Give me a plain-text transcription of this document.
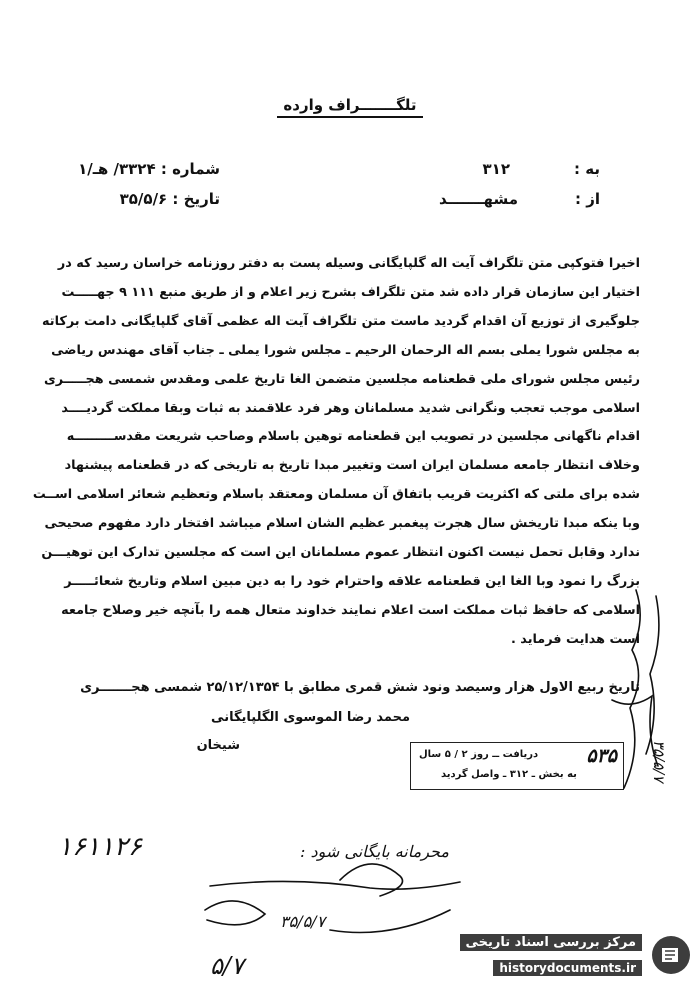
تلگـــــــراف وارده
به :
۳۱۲
از :
مشهـــــــد
شماره : ۳۳۲۴/ هـ/۱
تاریخ : ۳۵/۵/۶
اخیرا فتوکپی متن تلگراف آیت اله گلپایگانی وسیله پست به دفتر روزنامه خراسان رسید که در
اختیار این سازمان قرار داده شد متن تلگراف بشرح زیر اعلام و از طریق منبع ۱۱۱ ۹ جهـــــت
جلوگیری از توزیع آن اقدام گردید ماست متن تلگراف آیت اله عظمی آقای گلپایگانی دامت برکاته
به مجلس شورا یملی بسم اله الرحمان الرحیم ـ مجلس شورا یملی ـ جناب آقای مهندس ریاضی
رئیس مجلس شورای ملی قطعنامه مجلسین متضمن الغا تاریخ علمی ومقدس شمسی هجـــــری
اسلامی موجب تعجب ونگرانی شدید مسلمانان وهر فرد علاقمند به ثبات وبقا مملکت گردیــــد
اقدام ناگهانی مجلسین در تصویب این قطعنامه توهین باسلام وصاحب شریعت مقدســـــــــه
وخلاف انتظار جامعه مسلمان ایران است وتغییر مبدا تاریخ به تاریخی که در قطعنامه پیشنهاد
شده برای ملتی که اکثریت قریب باتفاق آن مسلمان ومعتقد باسلام وتعظیم شعائر اسلامی اســت
وبا ینکه مبدا تاریخش سال هجرت پیغمبر عظیم الشان اسلام میباشد افتخار دارد مفهوم صحیحی
ندارد وقابل تحمل نیست اکنون انتظار عموم مسلمانان این است که مجلسین تدارک این توهیـــن
بزرگ را نمود وبا الغا این قطعنامه علاقه واحترام خود را به دین مبین اسلام وتاریخ شعائـــــر
اسلامی که حافظ ثبات مملکت است اعلام نمایند خداوند متعال همه را بآنچه خیر وصلاح جامعه
است هدایت فرماید .
تاریخ ربیع الاول هزار وسیصد ونود شش قمری مطابق با ۲۵/۱۲/۱۳۵۴ شمسی هجـــــــری
محمد رضا الموسوی الگلپایگانی
شیخان	۵۳۵
دریافت ــ روز ۲ / ۵ سال
به بخش ـ ۳۱۲ ـ واصل گردید
۱۶۱۱۲۶	محرمانه بایگانی شود :
۳۵/۵/۷
۵/۷
۳۵/۵/۷
مرکز بررسی اسناد تاریخی
historydocuments.ir
